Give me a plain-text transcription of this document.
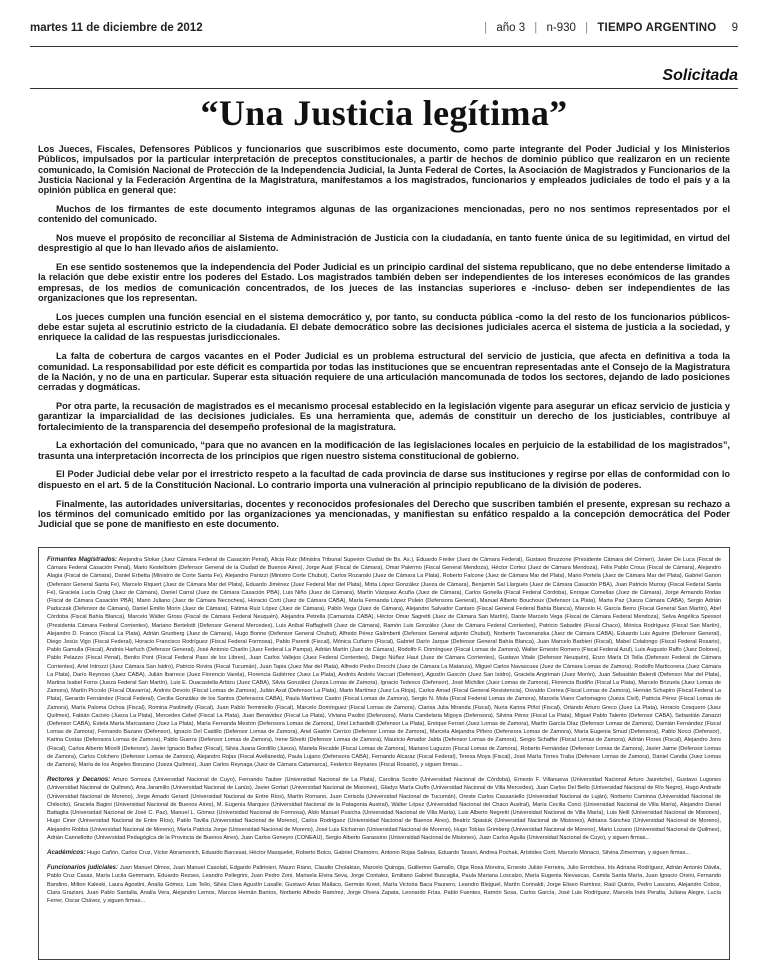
martes 11 de diciembre de 2012	| año 3 | n-930 | TIEMPO ARGENTINO 9
Solicitada
“Una Justicia legítima”

Los Jueces, Fiscales, Defensores Públicos y funcionarios que suscribimos este documento, como parte integrante del Poder Judicial y los Ministerios Públicos, impulsados por la particular interpretación de preceptos constitucionales, a partir de hechos de dominio público que realizaron en un reciente comunicado, la Comisión Nacional de Protección de la Independencia Judicial, la Junta Federal de Cortes, la Asociación de Magistrados y Funcionarios de la Justicia Nacional y la Federación Argentina de la Magistratura, manifestamos a los magistrados, funcionarios y empleados judiciales de todo el país y a la opinión pública en general que:

Muchos de los firmantes de este documento integramos algunas de las organizaciones mencionadas, pero no nos sentimos representados por el contenido del comunicado.

Nos mueve el propósito de reconciliar al Sistema de Administración de Justicia con la ciudadanía, en tanto fuente única de su legitimidad, en virtud del desprestigio al que lo han llevado años de aislamiento.

En ese sentido sostenemos que la independencia del Poder Judicial es un principio cardinal del sistema republicano, que no debe entenderse limitado a la relación que debe existir entre los poderes del Estado. Los magistrados también deben ser independientes de los intereses económicos de las grandes empresas, de los medios de comunicación concentrados, de los jueces de las instancias superiores e -incluso- deben ser independientes de las organizaciones que los representan.

Los jueces cumplen una función esencial en el sistema democrático y, por tanto, su conducta pública -como la del resto de los funcionarios públicos- debe estar sujeta al escrutinio estricto de la ciudadanía. El debate democrático sobre las decisiones judiciales acerca el sistema de justicia a la sociedad, y enriquece la calidad de las respuestas jurisdiccionales.

La falta de cobertura de cargos vacantes en el Poder Judicial es un problema estructural del servicio de justicia, que afecta en definitiva a toda la comunidad. La responsabilidad por este déficit es compartida por todas las instituciones que se encuentran representadas ante el Consejo de la Magistratura de la Nación, y no de una en particular. Superar esta situación requiere de una articulación mancomunada de todos los sectores, dejando de lado posiciones cerradas y dogmáticas.

Por otra parte, la recusación de magistrados es el mecanismo procesal establecido en la legislación vigente para asegurar un eficaz servicio de justicia y garantizar la imparcialidad de las decisiones judiciales. Es una herramienta que, además de constituir un derecho de los justiciables, contribuye al fortalecimiento de la transparencia del desempeño profesional de la magistratura.

La exhortación del comunicado, “para que no avancen en la modificación de las legislaciones locales en perjuicio de la estabilidad de los magistrados”, trasunta una interpretación incorrecta de los principios que rigen nuestro sistema constitucional de gobierno.

El Poder Judicial debe velar por el irrestricto respeto a la facultad de cada provincia de darse sus instituciones y regirse por ellas de conformidad con lo dispuesto en el art. 5 de la Constitución Nacional. Lo contrario importa una vulneración al principio republicano de la división de poderes.

Finalmente, las autoridades universitarias, docentes y reconocidos profesionales del Derecho que suscriben también el presente, expresan su rechazo a los términos del comunicado emitido por las organizaciones ya mencionadas, y manifiestan su enfático respaldo a la concepción democrática del Poder Judicial que se pone de manifiesto en este documento.

Firmantes Magistrados: Alejandra Slokar (Juez Cámara Federal de Casación Penal), Alicia Ruiz (Ministra Tribunal Superior Ciudad de Bs. As.), Eduardo Freiler (Juez de Cámara Federal), Gustavo Bruzzone (Presidente Cámara del Crimen), Javier De Luca (Fiscal de Cámara Federal Casación Penal), Mario Kestelboim (Defensor General de la Ciudad de Buenos Aires), Jorge Auat (Fiscal de Cámara), Omar Palermo (Fiscal General Mendoza), Héctor Cortez (Juez de Cámara Mendoza), Félix Pablo Crous (Fiscal de Cámara), Alejandro Alagia (Fiscal de Cámara), Daniel Erbetta (Ministro de Corte Santa Fe), Alejandro Panizzi (Ministro Corte Chubut), Carlos Rozanski (Juez de Cámara La Plata), Roberto Falcone (Juez de Cámara Mar del Plata), Mario Portela (Juez de Cámara Mar del Plata), Gabriel Ganon (Defensor General Santa Fe), Marcelo Riquert (Juez de Cámara Mar del Plata), Eduardo Jiménez (Juez Federal Mar del Plata), Mirta López González (Jueza de Cámara), Benjamín Sal Llargués (Juez de Cámara Casación PBA), Juan Patricio Murray (Fiscal Federal Santa Fe), Graciela Lucía Craig (Juez de Cámara), Daniel Carral (Juez de Cámara Casación PBA), Luis Niño (Juez de Cámara), Martín Vázquez Acuña (Juez de Cámara), Carlos Gonella (Fiscal Federal Córdoba), Enrique Comellas (Juez de Cámara), Jorge Armando Rodas (Fiscal de Cámara Casación PBA), Mario Juliano (Juez de Cámara Necochea), Horacio Corti (Juez de Cámara CABA), María Fernanda López Puleio (Defensora General), Manuel Alberto Bouchoux (Defensor La Plata), Marta Paz (Jueza Cámara CABA), Sergio Adrián Paduczak (Defensor de Cámara), Daniel Emilio Morin (Juez de Cámara), Fátima Ruiz López (Juez de Cámara), Pablo Vega (Juez de Cámara), Alejandro Salvador Cantaro (Fiscal General Federal Bahía Blanca), Marcelo H. García Berro (Fiscal General San Martín), Abel Córdoba (Fiscal Bahía Blanca), Marcelo Walter Gross (Fiscal de Cámara Federal Neuquén), Alejandra Petrella (Camarista CABA), Héctor Omar Sagretti (Juez de Cámara San Martín), Dante Marcelo Vega (Fiscal de Cámara Federal Mendoza), Selva Angélica Spessot (Presidenta Cámara Federal Corrientes), Mariano Bertelotti (Defensor General Mercedes), Luis Aníbal Raffaghelli (Juez de Cámara), Ramón Luis González (Juez de Cámara Federal Corrientes), Patricio Sabadini (Fiscal Chaco), Mónica Rodríguez (Fiscal San Martín), Alejandro D. Franco (Fiscal La Plata), Adrián Grunberg (Juez de Cámara), Hugo Bonne (Defensor General Chubut), Alfredo Pérez Galimberti (Defensor General adjunto Chubut), Norberto Tavosnanska (Juez de Cámara CABA), Eduardo Luis Aguirre (Defensor General), Diego Jesús Vigo (Fiscal Federal), Horacio Francisco Rodríguez (Fiscal Federal Formosa), Pablo Parenti (Fiscal), Mónica Cuñarro (Fiscal), Gabriel Darío Jarque (Defensor General Bahía Blanca), Juan Marcelo Barbieri (Fiscal), Mabel Colalongo (Fiscal Federal Rosario), Pablo Gamulla (Fiscal), Andrés Harfuch (Defensor General), José Antonio Charlin (Juez Federal La Pampa), Adrián Martín (Juez de Cámara), Rodolfo F. Domínguez (Fiscal Lomas de Zamora), Walter Ernesto Romero (Fiscal Federal Azul), Luis Augusto Raffo (Juez Dolores), Pablo Pelazzo (Fiscal Penal), Benito Pont (Fiscal Federal Paso de los Libres), Juan Carlos Vallejos (Juez Federal Corrientes), Diego Núñez Haut (Juez de Cámara Corrientes), Gustavo Vitale (Defensor Neuquén), Enzo María Di Tella (Defensor Federal de Cámara Corrientes), Ariel Introzzi (Juez Cámara San Isidro), Patricio Rovira (Fiscal Tucumán), Juan Tapia (Juez Mar del Plata), Alfredo Pedro Drocchi (Juez de Cámara La Matanza), Miguel Carlos Navascues (Juez de Cámara Lomas de Zamora), Rodolfo Marticorena (Juez Cámara La Plata), Darío Reynoso (Juez CABA), Julián Ibarrece (Juez Florencio Varela), Florencia Gutiérrez (Juez La Plata), Andrés Andrés Vaccari (Defensor), Agustín Gascón (Juez San Isidro), Graciela Angriman (Juez Morón), Juan Sebastián Balerdi (Defensor Mar del Plata), Martina Isabel Forns (Jueza Federal San Martín), Luis E. Duacastella Arbizu (Juez CABA), Silvia González (Jueza Lomas de Zamora), Ignacio Tedesco (Defensor), José Michilini (Juez Lomas de Zamora), Florencia Budiño (Fiscal La Plata), Marcelo Brizuela (Juez Lomas de Zamora), Martín Piccolo (Fiscal Olavarría), Andrés Devoto (Fiscal Lomas de Zamora), Julián Axat (Defensor La Plata), Mario Martínez (Juez La Rioja), Carlos Amad (Fiscal General Resistencia), Osvaldo Correa (Fiscal Lomas de Zamora), Hernán Schapiro (Fiscal Federal La Plata), Gerardo Fernández (Fiscal Federal), Cecilia González de los Santos (Defensora CABA), Paula Martínez Castro (Fiscal Lomas de Zamora), Sergio N. Mola (Fiscal Federal Lomas de Zamora), Marcela Viano Carlomagno (Jueza Civil), Patricia Pérez (Fiscal Lomas de Zamora), María Paloma Ochoa (Fiscal), Romina Paolinelly (Fiscal), Juan Pablo Terminiello (Fiscal), Marcelo Domínguez (Fiscal Lomas de Zamora), Clarisa Julia Miranda (Fiscal), Nuria Karina Piñol (Fiscal), Orlando Arturo Greco (Juez La Plata), Horacio Cosquero (Juez Quilmes), Fabián Cacivio (Jueza La Plata), Mercedes Cebel (Fiscal La Plata), Juan Benavidez (Fiscal La Plata), Viviana Paolini (Defensora), María Candelaria Migoya (Defensora), Silvina Pérez (Fiscal La Plata), Miguel Pablo Talento (Defensor CABA), Sebastián Zanazzi (Defensor CABA), Estela María Marcasiano (Juez La Plata), María Fernanda Mestrin (Defensora Lomas de Zamora), Uriel Lichardelli (Defensor La Plata), Enrique Ferrari (Juez Lomas de Zamora), Martín García Díaz (Defensor Lomas de Zamora), Damián Fernández (Fiscal Lomas de Zamora), Fernando Bazano (Defensor), Ignacio Del Castillo (Defensor Lomas de Zamora), Ariel Gastón Cerrizo (Defensor Lomas de Zamora), Marcela Alejandra Piñero (Defensora Lomas de Zamora), María Eugenia Smud (Defensora), Pablo Nocci (Defensor), Karina Costas (Defensora Lomas de Zamora), Pablo Guerra (Defensor Lomas de Zamora), Irene Silvetti (Defensor Lomas de Zamora), Mauricio Amador Jalda (Defensor Lomas de Zamora), Sergio Schaffer (Fiscal Lomas de Zamora), Adrián Flores (Fiscal), Alejandro Jons (Fiscal), Carlos Alberto Micelli (Defensor), Javier Ignacio Bañez (Fiscal), Silvia Juana Gordillo (Jueza), Mariela Recalde (Fiscal Lomas de Zamora), Mariano Luguzzo (Fiscal Lomas de Zamora), Roberto Fernández (Defensor Lomas de Zamora), Javier Jaime (Defensor Lomas de Zamora), Carlos Colchero (Defensor Lomas de Zamora), Alejandro Rojas (Fiscal Avellaneda), Paula Lujano (Defensora CABA), Fernando Alcaraz (Fiscal Federal), Teresa Moya (Fiscal), José María Torres Traba (Defensor Lomas de Zamora), Daniel Candia (Juez Lomas de Zamora), María de los Ángeles Bonzano (Jueza Quilmes), Juan Carlos Reynaga (Juez de Cámara Catamarca), Federico Reynares (Fiscal Rosario), y siguen firmas...

Rectores y Decanos: Arturo Somoza (Universidad Nacional de Cuyo), Fernando Tauber (Universidad Nacional de La Plata), Carolina Scotto (Universidad Nacional de Córdoba), Ernesto F. Villanueva (Universidad Nacional Arturo Jauretche), Gustavo Lugones (Universidad Nacional de Quilmes), Ana Jaramillo (Universidad Nacional de Lanús), Javier Gortari (Universidad Nacional de Misiones), Gladys María Ciuffo (Universidad Nacional de Villa Mercedes), Juan Carlos Del Bello (Universidad Nacional de Río Negro), Hugo Andrade (Universidad Nacional de Moreno), Jorge Amado Gerard (Universidad Nacional de Entre Ríos), Martín Romano, Juan Cerisola (Universidad Nacional de Tucumán), Oreste Carlos Cassaniello (Universidad Nacional de Luján), Norberto Caminoa (Universidad Nacional de Chilecito), Graciela Bagini (Universidad Nacional de Buenos Aires), M. Eugenia Marquez (Universidad Nacional de la Patagonia Austral), Walter López (Universidad Nacional del Chaco Austral), María Cecilia Conci (Universidad Nacional de Villa María), Alejandro Daniel Battaglia (Universidad Nacional de José C. Paz), Manuel L. Gómez (Universidad Nacional de Formosa), Aldo Manuel Pusicha (Universidad Nacional de Villa María), Luis Alberto Negretti (Universidad Nacional de Villa María), Luis Neill (Universidad Nacional de Misiones), Hugo Ciner (Universidad Nacional de Entre Ríos), Pablo Tavilla (Universidad Nacional de Moreno), Carlos Rodríguez (Universidad Nacional de Buenos Aires), Beatriz Spasiuk (Universidad Nacional de Misiones), Adriana Sánchez (Universidad Nacional de Moreno), Alejandro Robba (Universidad Nacional de Moreno), María Patricia Jorge (Universidad Nacional de Moreno), José Luis Etcharran (Universidad Nacional de Moreno), Hugo Tobías Grimberg (Universidad Nacional de Moreno), Mario Lozano (Universidad Nacional de Quilmes), Adrián Cannellotto (Universidad Pedagógica de la Provincia de Buenos Aires), Juan Carlos Geneyro (CONEAU), Sergio Alberto Garassino (Universidad Nacional de Misiones), Juan Carlos Agulla (Universidad Nacional de Cuyo), y siguen firmas...

Académicos: Hugo Cañón, Carlos Cruz, Víctor Abramovich, Eduardo Barcesat, Héctor Masquelet, Roberto Boico, Gabriel Chamorro, Antonio Rojas Salinas, Eduardo Tavani, Andrea Pochak, Arístides Corti, Marcelo Mónaco, Silvina Zimerman, y siguen firmas...

Funcionarios judiciales: Juan Manuel Olmos, Juan Manuel Casolati, Edgardo Paltrinieri, Mauro Riano, Claudio Cholakian, Marcelo Quiroga, Guillermo Gamallo, Olga Rosa Moreira, Ernesto Julián Ferreira, Julio Errotchea, Iris Adriana Rodríguez, Adrián Antonio Dávila, Pablo Cruz Casas, María Lucila Gemmarin, Eduardo Rezses, Leandro Pellegrini, Juan Pedro Zoni, Marisela Elvira Seva, Jorge Contalez, Emiliano Gabriel Buscaglia, Paula Mariana Loscalzo, María Eugenia Nievascas, Camila Santa María, Juan Ignacio Orsini, Fernando Bandino, Milton Kaleski, Laura Agostini, Analía Gómez, Luis Tello, Silvia Clara Agustín Lasalle, Gustavo Arias Mallaco, Germán Kreet, María Victoria Baca Paunero, Leandro Bleiguel, Martín Corinaldi, Jorge Eliseo Ramírez, Raúl Quirós, Pedro Lascano, Alejandro Cobos, Clara Graziani, Juan Pablo Santalla, Analía Vera, Alejandro Lemos, Marcos Hernán Barrios, Norberto Alfredo Ramírez, Jorge Olvera Zapata, Leonardo Frías, Pablo Fuentes, Ramón Sosa, Carlos García, José Luis Rodríguez, Marcela Inés Peralta, Juliana Alegre, Lucía Ferrer, Oscar Chávez, y siguen firmas...
